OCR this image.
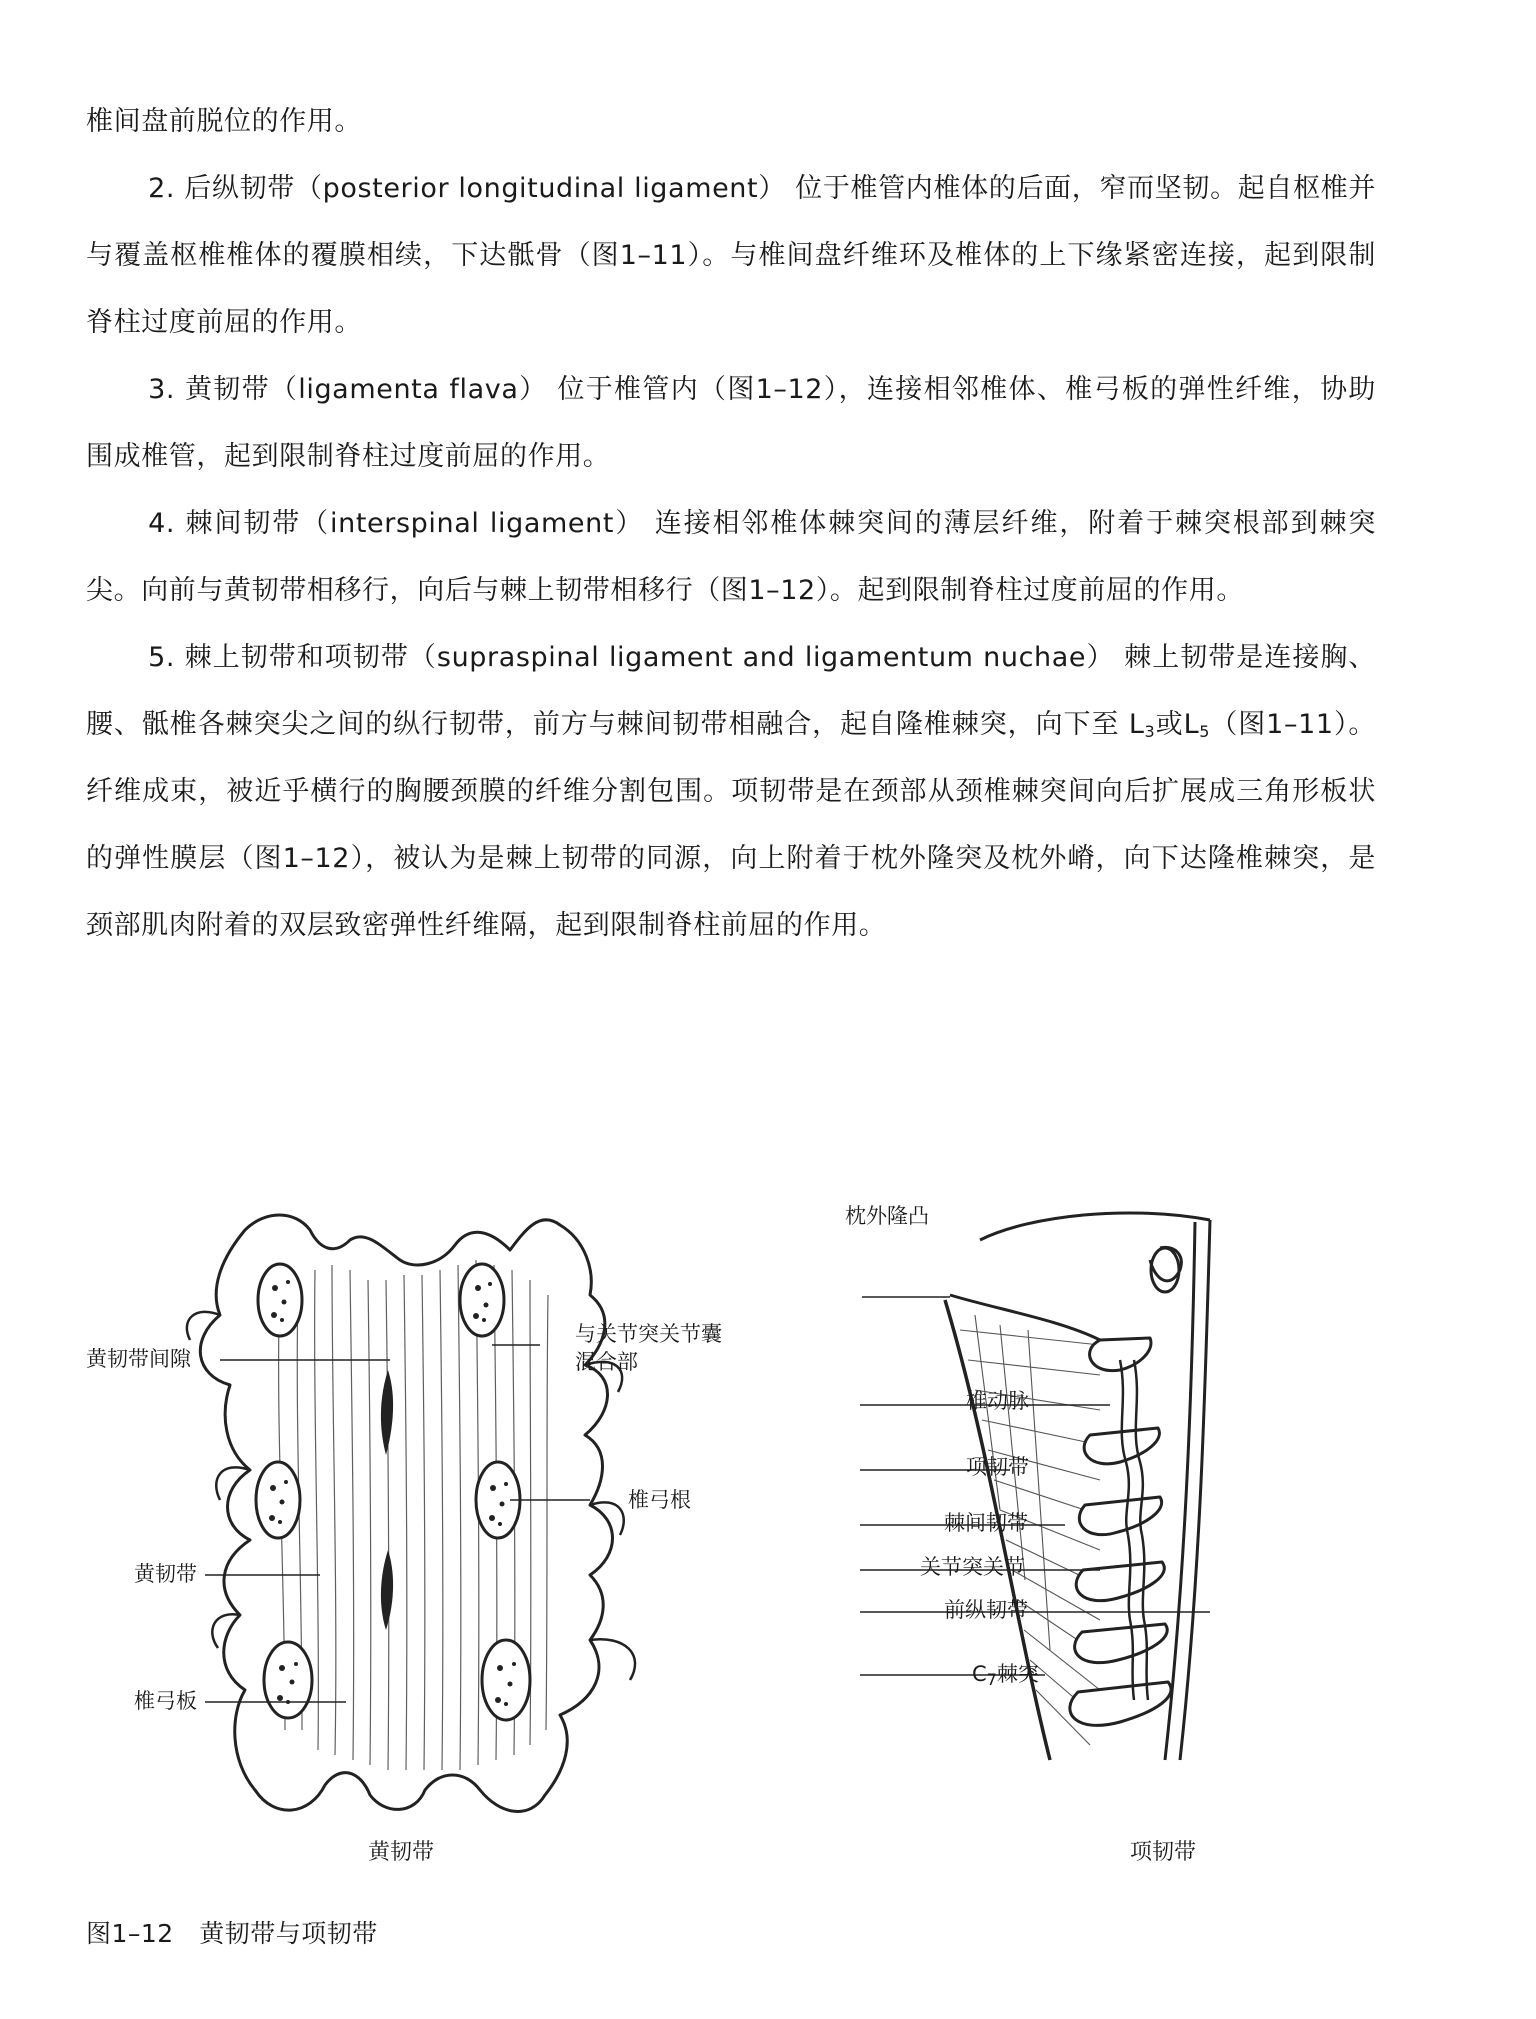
椎间盘前脱位的作用。

2. 后纵韧带（posterior longitudinal ligament） 位于椎管内椎体的后面，窄而坚韧。起自枢椎并与覆盖枢椎椎体的覆膜相续，下达骶骨（图1–11）。与椎间盘纤维环及椎体的上下缘紧密连接，起到限制脊柱过度前屈的作用。

3. 黄韧带（ligamenta flava） 位于椎管内（图1–12），连接相邻椎体、椎弓板的弹性纤维，协助围成椎管，起到限制脊柱过度前屈的作用。

4. 棘间韧带（interspinal ligament） 连接相邻椎体棘突间的薄层纤维，附着于棘突根部到棘突尖。向前与黄韧带相移行，向后与棘上韧带相移行（图1–12）。起到限制脊柱过度前屈的作用。

5. 棘上韧带和项韧带（supraspinal ligament and ligamentum nuchae） 棘上韧带是连接胸、腰、骶椎各棘突尖之间的纵行韧带，前方与棘间韧带相融合，起自隆椎棘突，向下至 $L_3$或$L_5$（图1–11）。纤维成束，被近乎横行的胸腰颈膜的纤维分割包围。项韧带是在颈部从颈椎棘突间向后扩展成三角形板状的弹性膜层（图1–12），被认为是棘上韧带的同源，向上附着于枕外隆突及枕外嵴，向下达隆椎棘突，是颈部肌肉附着的双层致密弹性纤维隔，起到限制脊柱前屈的作用。

与关节突关节囊
混合部
黄韧带间隙
椎弓根
黄韧带
椎弓板
黄韧带
枕外隆凸
椎动脉
项韧带
棘间韧带
关节突关节
前纵韧带
$C_7$棘突
项韧带
图1–12　黄韧带与项韧带
